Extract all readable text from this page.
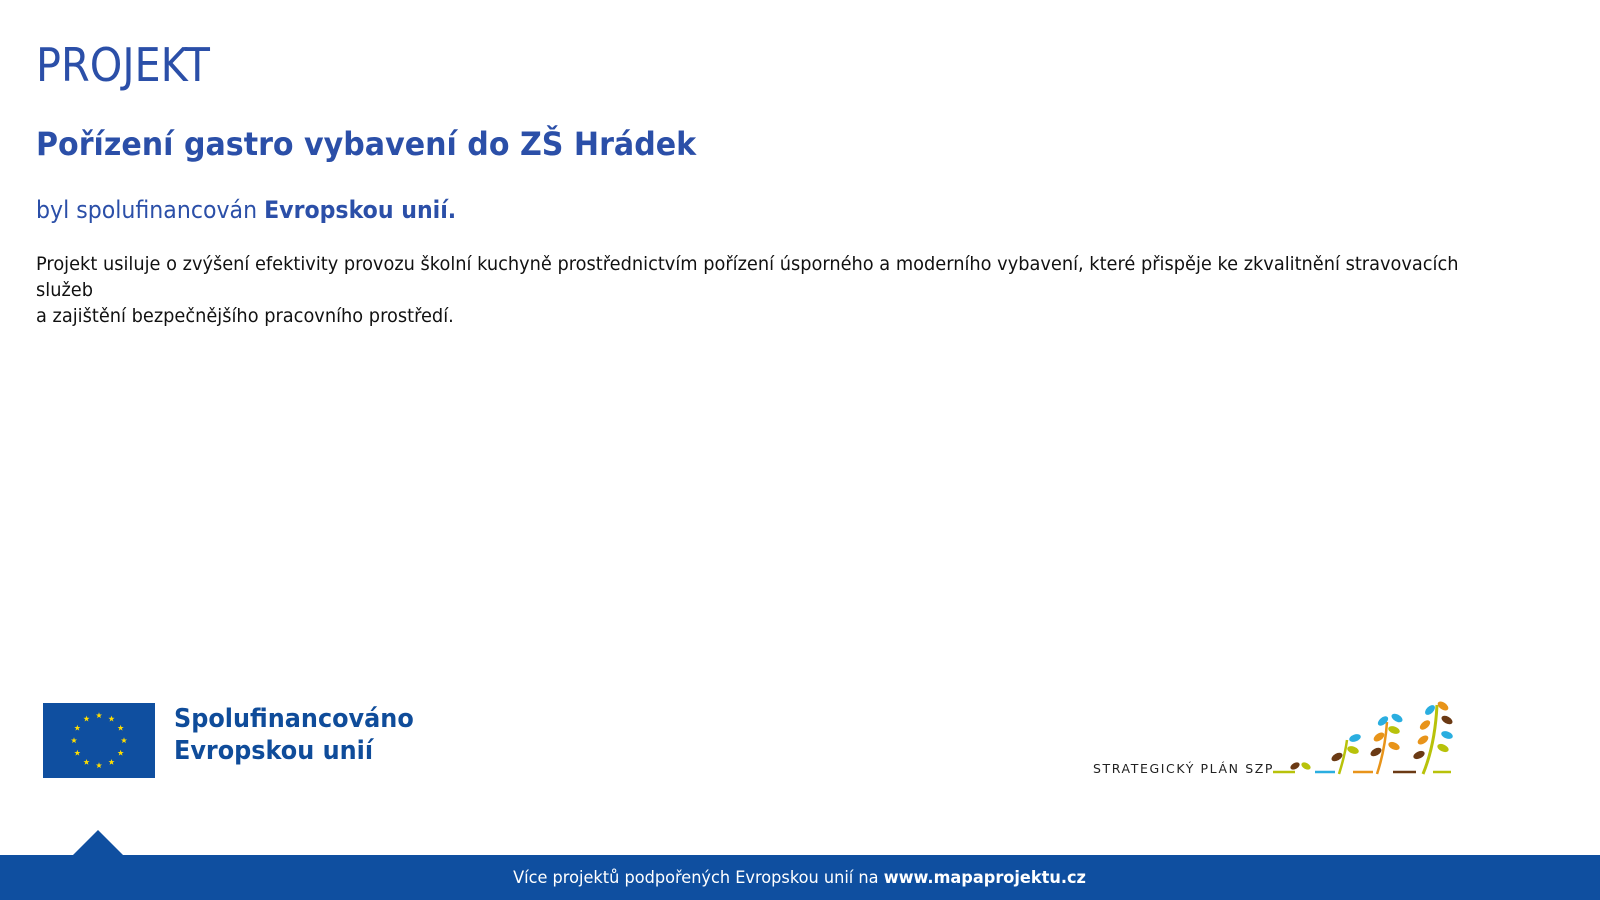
PROJEKT
Pořízení gastro vybavení do ZŠ Hrádek
byl spolufinancován Evropskou unií.
Projekt usiluje o zvýšení efektivity provozu školní kuchyně prostřednictvím pořízení úsporného a moderního vybavení, které přispěje ke zkvalitnění stravovacích služeb
a zajištění bezpečnějšího pracovního prostředí.
Spolufinancováno
Evropskou unií
STRATEGICKÝ PLÁN SZP
Více projektů podpořených Evropskou unií na www.mapaprojektu.cz
